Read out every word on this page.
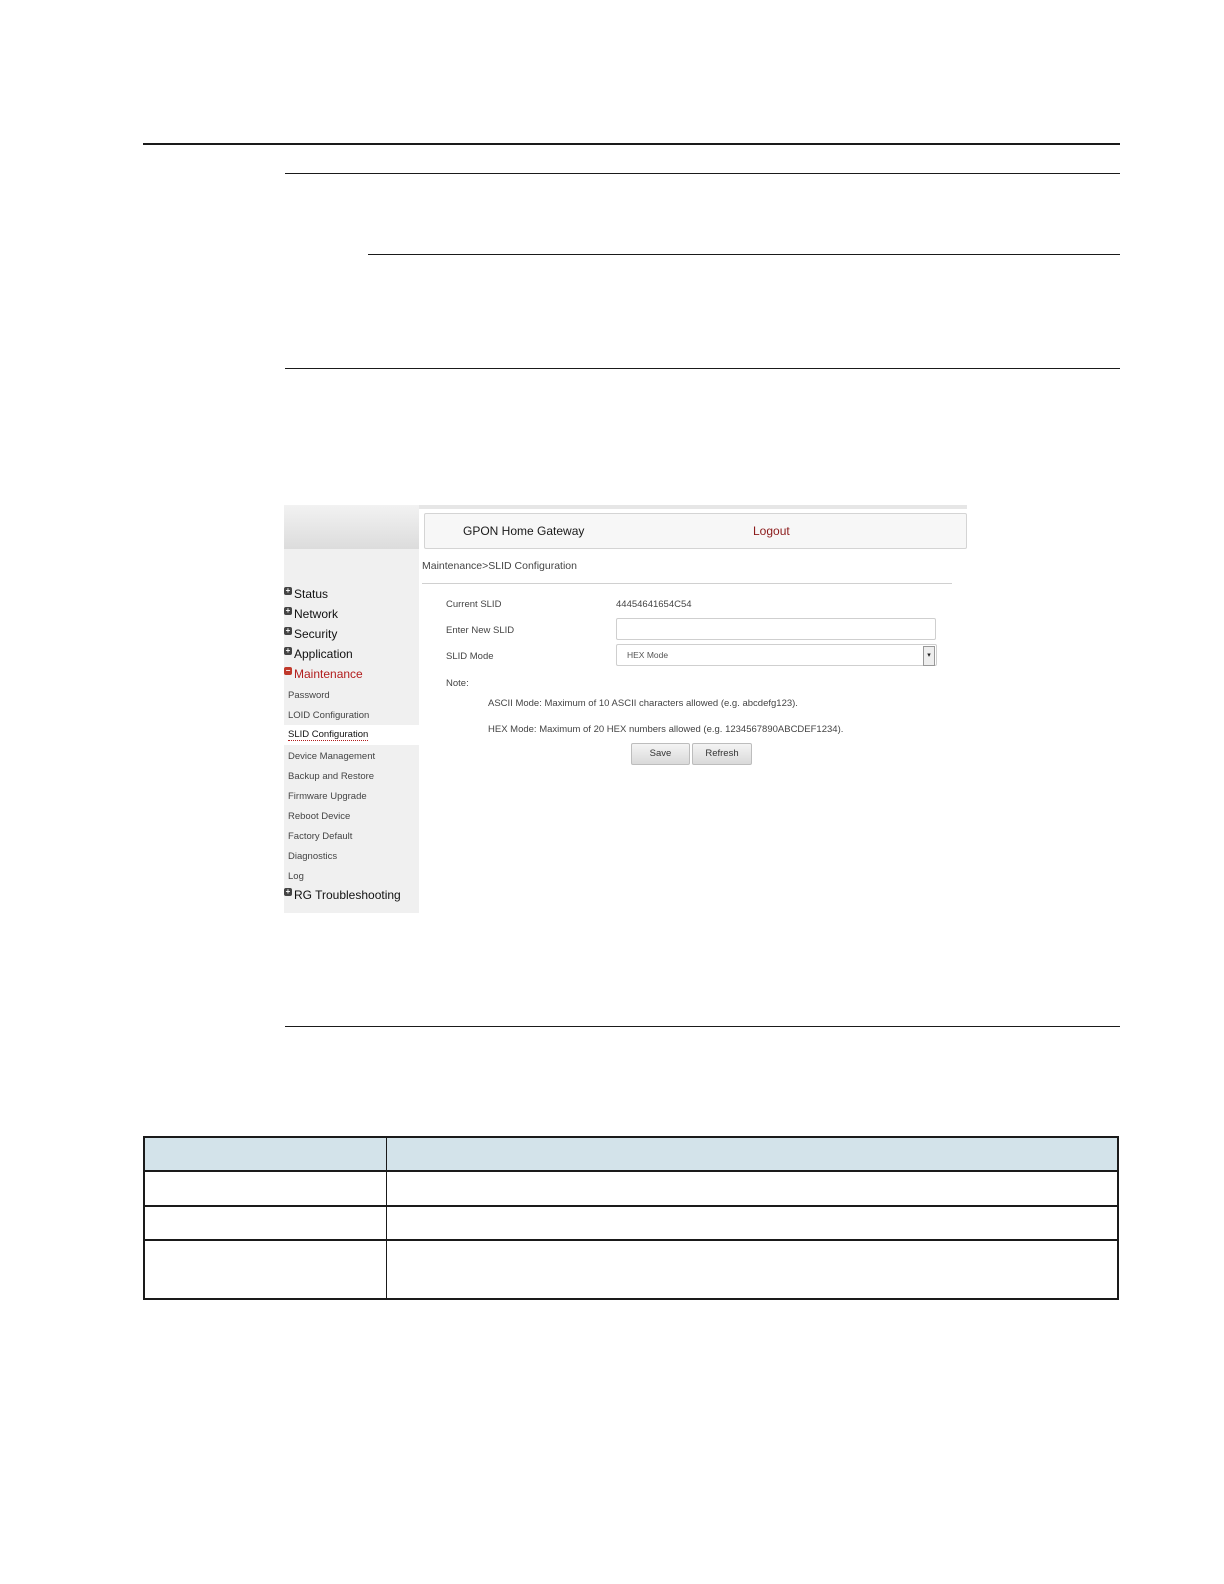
GPON Home Gateway	Logout
+ Status
+ Network
+ Security
+ Application
− Maintenance
Password
LOID Configuration
SLID Configuration
Device Management
Backup and Restore
Firmware Upgrade
Reboot Device
Factory Default
Diagnostics
Log
+ RG Troubleshooting
Maintenance>SLID Configuration
Current SLID	44454641654C54
Enter New SLID
SLID Mode	HEX Mode	▾
Note:
ASCII Mode: Maximum of 10 ASCII characters allowed (e.g. abcdefg123).
HEX Mode: Maximum of 20 HEX numbers allowed (e.g. 1234567890ABCDEF1234).
Save	Refresh
